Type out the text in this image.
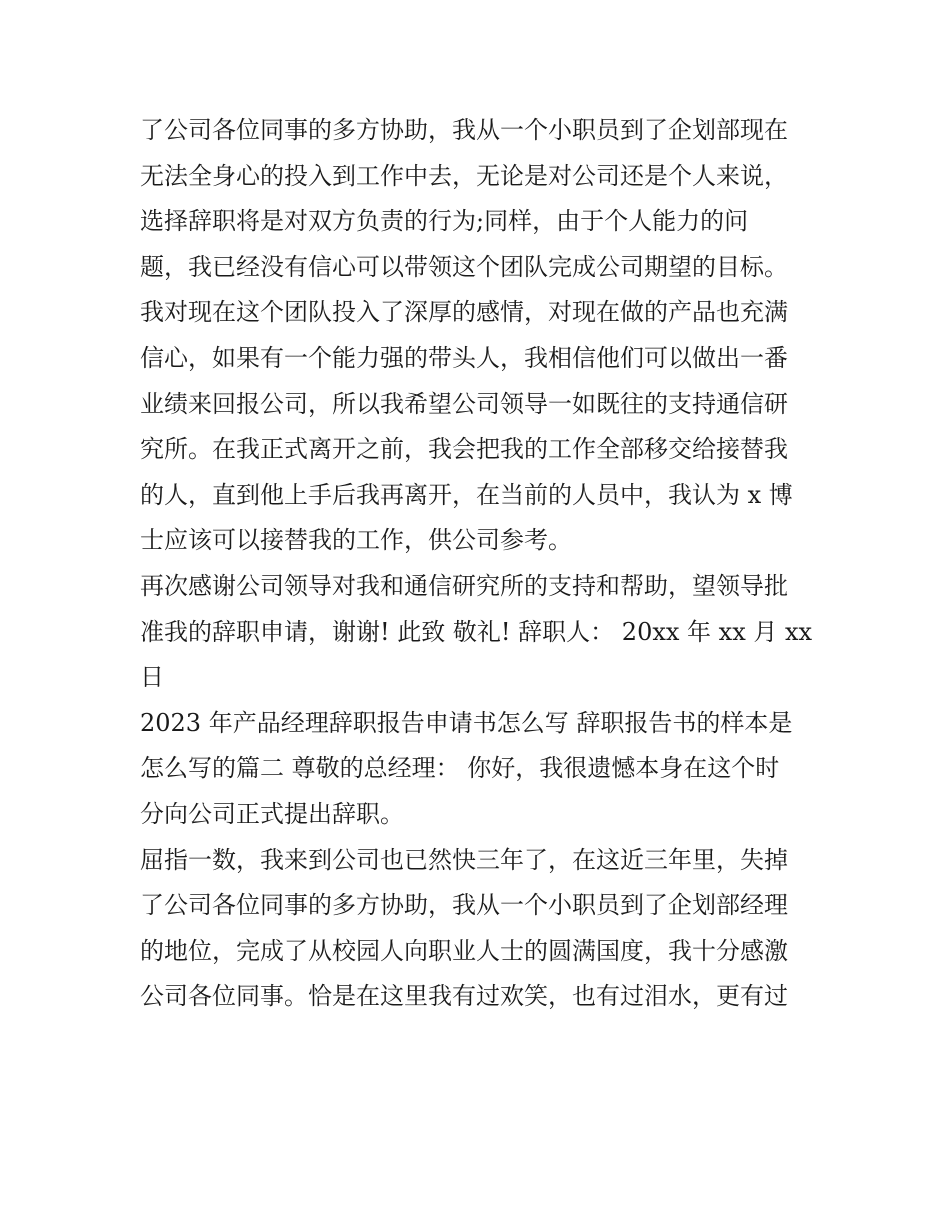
了公司各位同事的多方协助，我从一个小职员到了企划部现在
无法全身心的投入到工作中去，无论是对公司还是个人来说，
选择辞职将是对双方负责的行为;同样，由于个人能力的问
题，我已经没有信心可以带领这个团队完成公司期望的目标。
我对现在这个团队投入了深厚的感情，对现在做的产品也充满
信心，如果有一个能力强的带头人，我相信他们可以做出一番
业绩来回报公司，所以我希望公司领导一如既往的支持通信研
究所。在我正式离开之前，我会把我的工作全部移交给接替我
的人，直到他上手后我再离开，在当前的人员中，我认为 x 博
士应该可以接替我的工作，供公司参考。
再次感谢公司领导对我和通信研究所的支持和帮助，望领导批
准我的辞职申请，谢谢! 此致 敬礼! 辞职人： 20xx 年 xx 月 xx
日
2023 年产品经理辞职报告申请书怎么写 辞职报告书的样本是
怎么写的篇二 尊敬的总经理： 你好，我很遗憾本身在这个时
分向公司正式提出辞职。
屈指一数，我来到公司也已然快三年了，在这近三年里，失掉
了公司各位同事的多方协助，我从一个小职员到了企划部经理
的地位，完成了从校园人向职业人士的圆满国度，我十分感激
公司各位同事。恰是在这里我有过欢笑，也有过泪水，更有过
